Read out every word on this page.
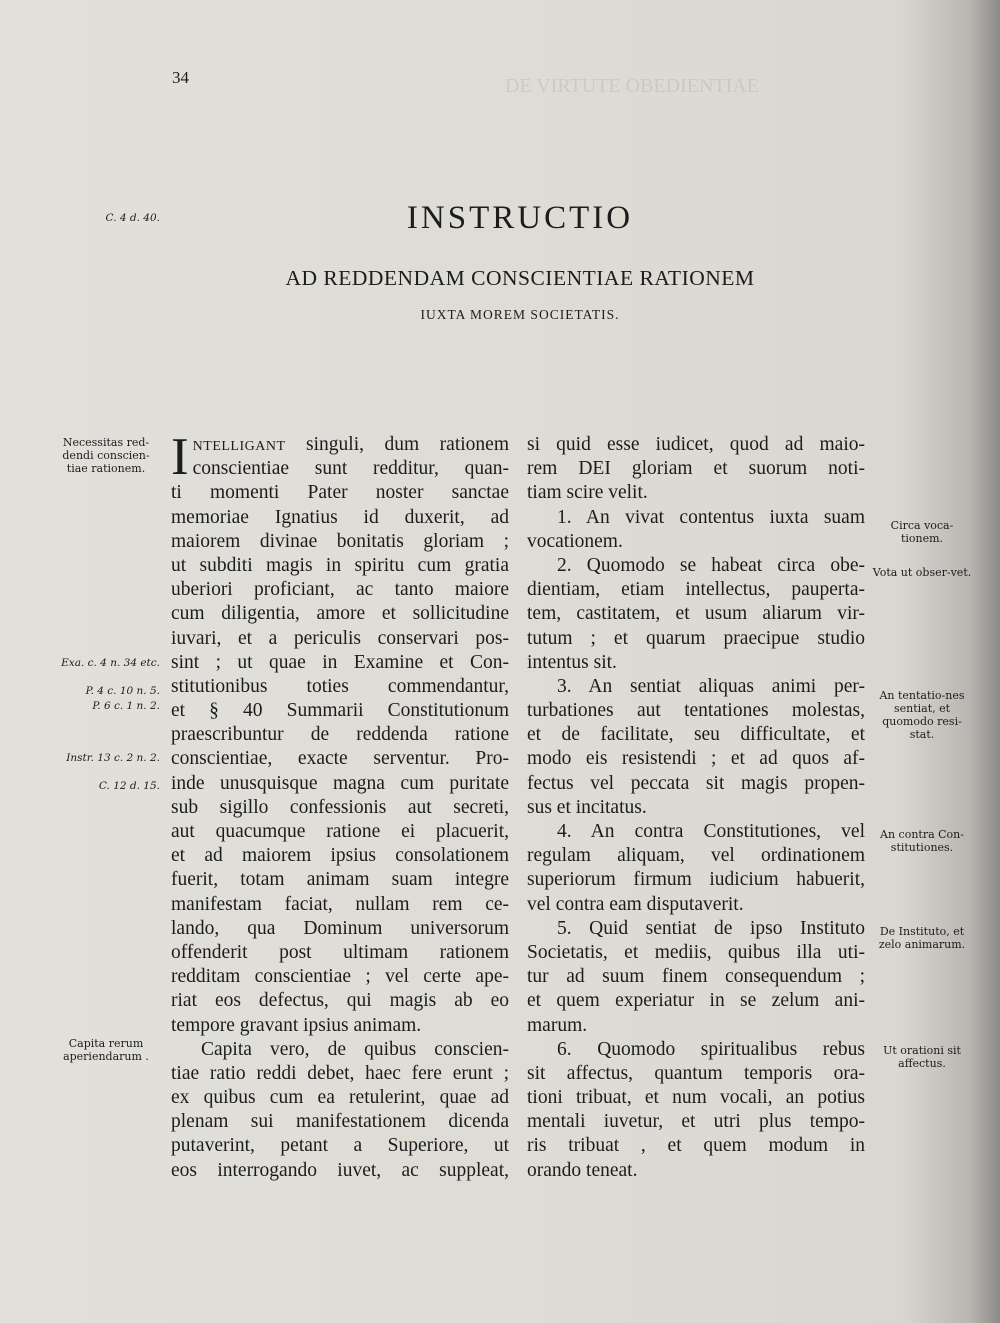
DE VIRTUTE OBEDIENTIAE
34
INSTRUCTIO
AD REDDENDAM CONSCIENTIAE RATIONEM
IUXTA MOREM SOCIETATIS.
C. 4 d. 40.
Necessitas red-dendi conscien-tiae rationem.
Exa. c. 4 n. 34 etc.
P. 4 c. 10 n. 5.
P. 6 c. 1 n. 2.
Instr. 13 c. 2 n. 2.
C. 12 d. 15.
Capita rerum aperiendarum .
Circa voca-tionem.
Vota ut obser-vet.
An tentatio-nes sentiat, et quomodo resi-stat.
An contra Con-stitutiones.
De Instituto, et zelo animarum.
Ut orationi sit affectus.
I NTELLIGANT singuli, dum rationem
conscientiae sunt redditur, quan-
ti momenti Pater noster sanctae
memoriae Ignatius id duxerit, ad
maiorem divinae bonitatis gloriam ;
ut subditi magis in spiritu cum gratia
uberiori proficiant, ac tanto maiore
cum diligentia, amore et sollicitudine
iuvari, et a periculis conservari pos-
sint ; ut quae in Examine et Con-
stitutionibus toties commendantur,
et § 40 Summarii Constitutionum
praescribuntur de reddenda ratione
conscientiae, exacte serventur. Pro-
inde unusquisque magna cum puritate
sub sigillo confessionis aut secreti,
aut quacumque ratione ei placuerit,
et ad maiorem ipsius consolationem
fuerit, totam animam suam integre
manifestam faciat, nullam rem ce-
lando, qua Dominum universorum
offenderit post ultimam rationem
redditam conscientiae ; vel certe ape-
riat eos defectus, qui magis ab eo
tempore gravant ipsius animam.
Capita vero, de quibus conscien-
tiae ratio reddi debet, haec fere erunt ;
ex quibus cum ea retulerint, quae ad
plenam sui manifestationem dicenda
putaverint, petant a Superiore, ut
eos interrogando iuvet, ac suppleat,
si quid esse iudicet, quod ad maio-
rem DEI gloriam et suorum noti-
tiam scire velit.
1. An vivat contentus iuxta suam
vocationem.
2. Quomodo se habeat circa obe-
dientiam, etiam intellectus, pauperta-
tem, castitatem, et usum aliarum vir-
tutum ; et quarum praecipue studio
intentus sit.
3. An sentiat aliquas animi per-
turbationes aut tentationes molestas,
et de facilitate, seu difficultate, et
modo eis resistendi ; et ad quos af-
fectus vel peccata sit magis propen-
sus et incitatus.
4. An contra Constitutiones, vel
regulam aliquam, vel ordinationem
superiorum firmum iudicium habuerit,
vel contra eam disputaverit.
5. Quid sentiat de ipso Instituto
Societatis, et mediis, quibus illa uti-
tur ad suum finem consequendum ;
et quem experiatur in se zelum ani-
marum.
6. Quomodo spiritualibus rebus
sit affectus, quantum temporis ora-
tioni tribuat, et num vocali, an potius
mentali iuvetur, et utri plus tempo-
ris tribuat , et quem modum in
orando teneat.
